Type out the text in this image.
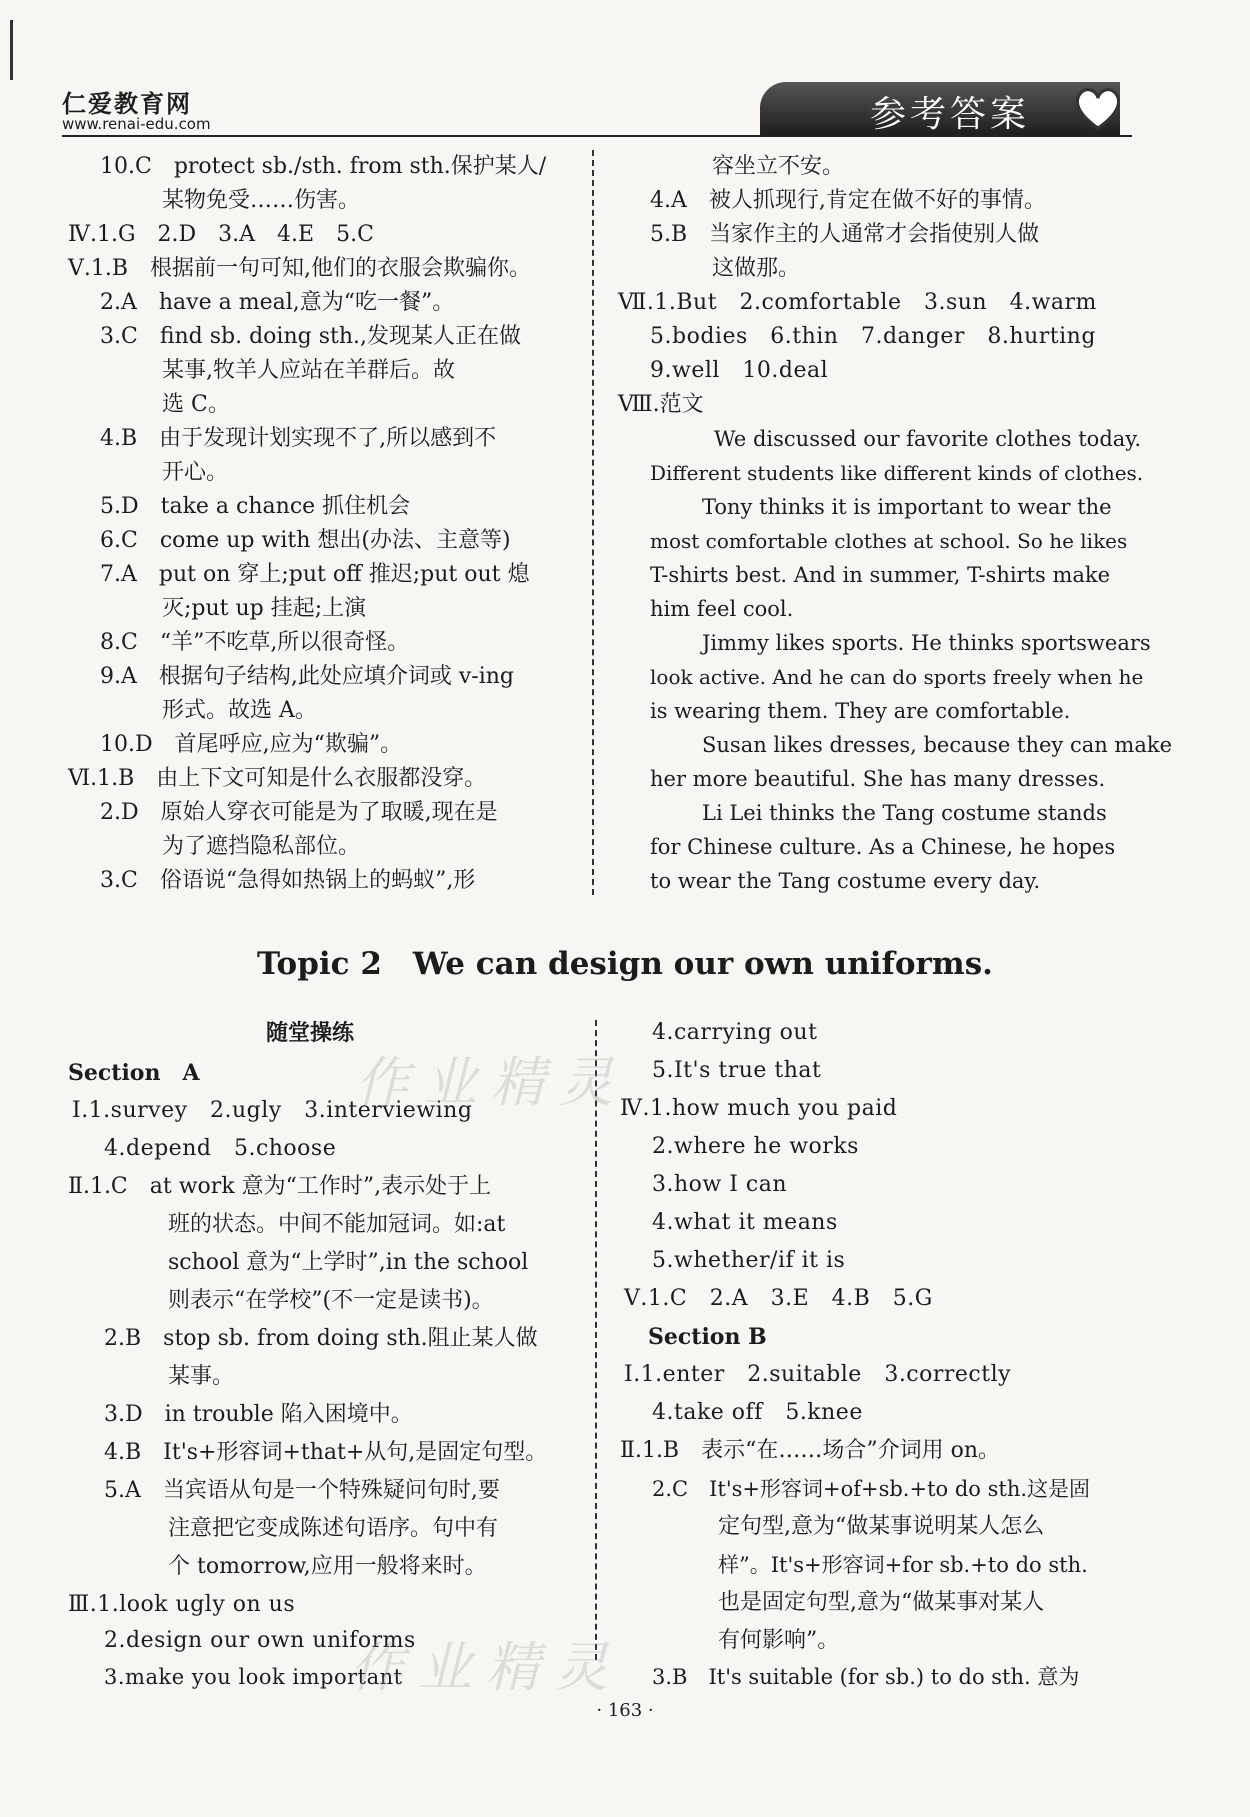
仁爱教育网
www.renai-edu.com	参考答案
10.C　protect sb./sth. from sth.保护某人/
某物免受……伤害。
Ⅳ.1.G　2.D　3.A　4.E　5.C
Ⅴ.1.B　根据前一句可知,他们的衣服会欺骗你。
2.A　have a meal,意为“吃一餐”。
3.C　find sb. doing sth.,发现某人正在做
某事,牧羊人应站在羊群后。故
选 C。
4.B　由于发现计划实现不了,所以感到不
开心。
5.D　take a chance 抓住机会
6.C　come up with 想出(办法、主意等)
7.A　put on 穿上;put off 推迟;put out 熄
灭;put up 挂起;上演
8.C　“羊”不吃草,所以很奇怪。
9.A　根据句子结构,此处应填介词或 v-ing
形式。故选 A。
10.D　首尾呼应,应为“欺骗”。
Ⅵ.1.B　由上下文可知是什么衣服都没穿。
2.D　原始人穿衣可能是为了取暖,现在是
为了遮挡隐私部位。
3.C　俗语说“急得如热锅上的蚂蚁”,形
容坐立不安。
4.A　被人抓现行,肯定在做不好的事情。
5.B　当家作主的人通常才会指使别人做
这做那。
Ⅶ.1.But　2.comfortable　3.sun　4.warm
5.bodies　6.thin　7.danger　8.hurting
9.well　10.deal
Ⅷ.范文
We discussed our favorite clothes today.
Different students like different kinds of clothes.
Tony thinks it is important to wear the
most comfortable clothes at school. So he likes
T-shirts best. And in summer, T-shirts make
him feel cool.
Jimmy likes sports. He thinks sportswears
look active. And he can do sports freely when he
is wearing them. They are comfortable.
Susan likes dresses, because they can make
her more beautiful. She has many dresses.
Li Lei thinks the Tang costume stands
for Chinese culture. As a Chinese, he hopes
to wear the Tang costume every day.
Topic 2　We can design our own uniforms.
随堂操练
Section　A
Ⅰ.1.survey　2.ugly　3.interviewing
4.depend　5.choose
Ⅱ.1.C　at work 意为“工作时”,表示处于上
班的状态。中间不能加冠词。如:at
school 意为“上学时”,in the school
则表示“在学校”(不一定是读书)。
2.B　stop sb. from doing sth.阻止某人做
某事。
3.D　in trouble 陷入困境中。
4.B　It's+形容词+that+从句,是固定句型。
5.A　当宾语从句是一个特殊疑问句时,要
注意把它变成陈述句语序。句中有
个 tomorrow,应用一般将来时。
Ⅲ.1.look ugly on us
2.design our own uniforms
3.make you look important
4.carrying out
5.It's true that
Ⅳ.1.how much you paid
2.where he works
3.how I can
4.what it means
5.whether/if it is
Ⅴ.1.C　2.A　3.E　4.B　5.G
Section B
Ⅰ.1.enter　2.suitable　3.correctly
4.take off　5.knee
Ⅱ.1.B　表示“在……场合”介词用 on。
2.C　It's+形容词+of+sb.+to do sth.这是固
定句型,意为“做某事说明某人怎么
样”。It's+形容词+for sb.+to do sth.
也是固定句型,意为“做某事对某人
有何影响”。
3.B　It's suitable (for sb.) to do sth. 意为
作业精灵
作业精灵
· 163 ·
